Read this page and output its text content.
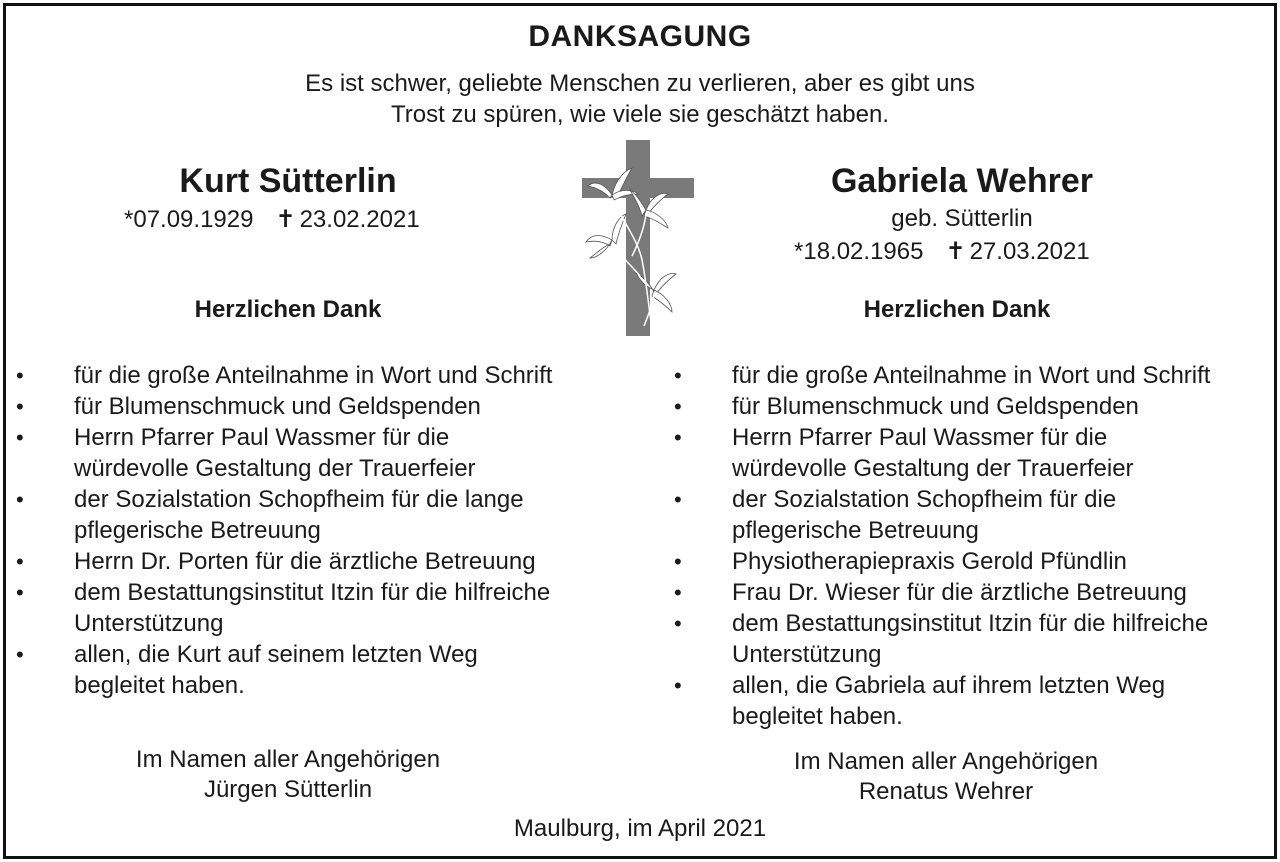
DANKSAGUNG
Es ist schwer, geliebte Menschen zu verlieren, aber es gibt uns
Trost zu spüren, wie viele sie geschätzt haben.
Kurt Sütterlin
*07.09.1929 ✝ 23.02.2021
Herzlichen Dank
Gabriela Wehrer
geb. Sütterlin
*18.02.1965 ✝ 27.03.2021
Herzlichen Dank
• für die große Anteilnahme in Wort und Schrift
• für Blumenschmuck und Geldspenden
• Herrn Pfarrer Paul Wassmer für die
würdevolle Gestaltung der Trauerfeier
• der Sozialstation Schopfheim für die lange
pflegerische Betreuung
• Herrn Dr. Porten für die ärztliche Betreuung
• dem Bestattungsinstitut Itzin für die hilfreiche
Unterstützung
• allen, die Kurt auf seinem letzten Weg
begleitet haben.
• für die große Anteilnahme in Wort und Schrift
• für Blumenschmuck und Geldspenden
• Herrn Pfarrer Paul Wassmer für die
würdevolle Gestaltung der Trauerfeier
• der Sozialstation Schopfheim für die
pflegerische Betreuung
• Physiotherapiepraxis Gerold Pfündlin
• Frau Dr. Wieser für die ärztliche Betreuung
• dem Bestattungsinstitut Itzin für die hilfreiche
Unterstützung
• allen, die Gabriela auf ihrem letzten Weg
begleitet haben.
Im Namen aller Angehörigen
Jürgen Sütterlin
Im Namen aller Angehörigen
Renatus Wehrer
Maulburg, im April 2021
